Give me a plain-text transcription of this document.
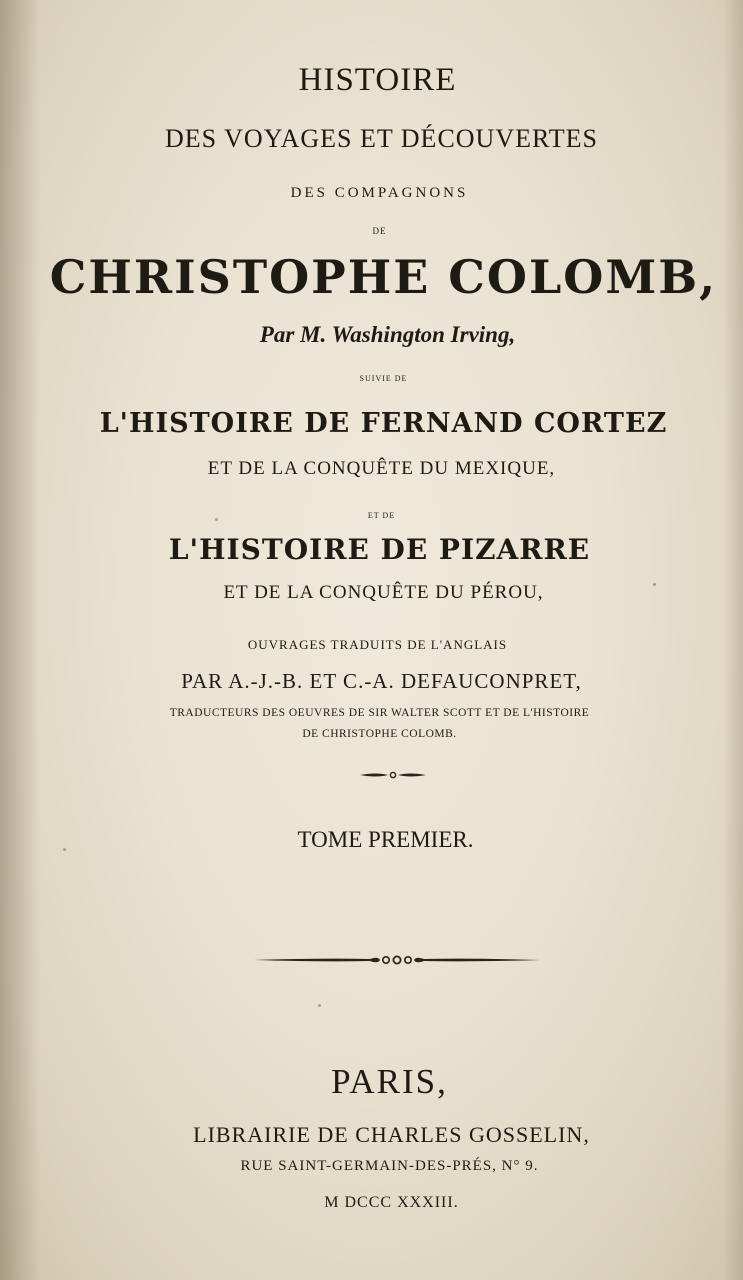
HISTOIRE
DES VOYAGES ET DÉCOUVERTES
DES COMPAGNONS
DE
CHRISTOPHE COLOMB,
Par M. Washington Irving,
SUIVIE DE
L'HISTOIRE DE FERNAND CORTEZ
ET DE LA CONQUÊTE DU MEXIQUE,
ET DE
L'HISTOIRE DE PIZARRE
ET DE LA CONQUÊTE DU PÉROU,
OUVRAGES TRADUITS DE L'ANGLAIS
PAR A.-J.-B. ET C.-A. DEFAUCONPRET,
TRADUCTEURS DES OEUVRES DE SIR WALTER SCOTT ET DE L'HISTOIRE
DE CHRISTOPHE COLOMB.
TOME PREMIER.
PARIS,
LIBRAIRIE DE CHARLES GOSSELIN,
RUE SAINT-GERMAIN-DES-PRÉS, N° 9.
M DCCC XXXIII.
